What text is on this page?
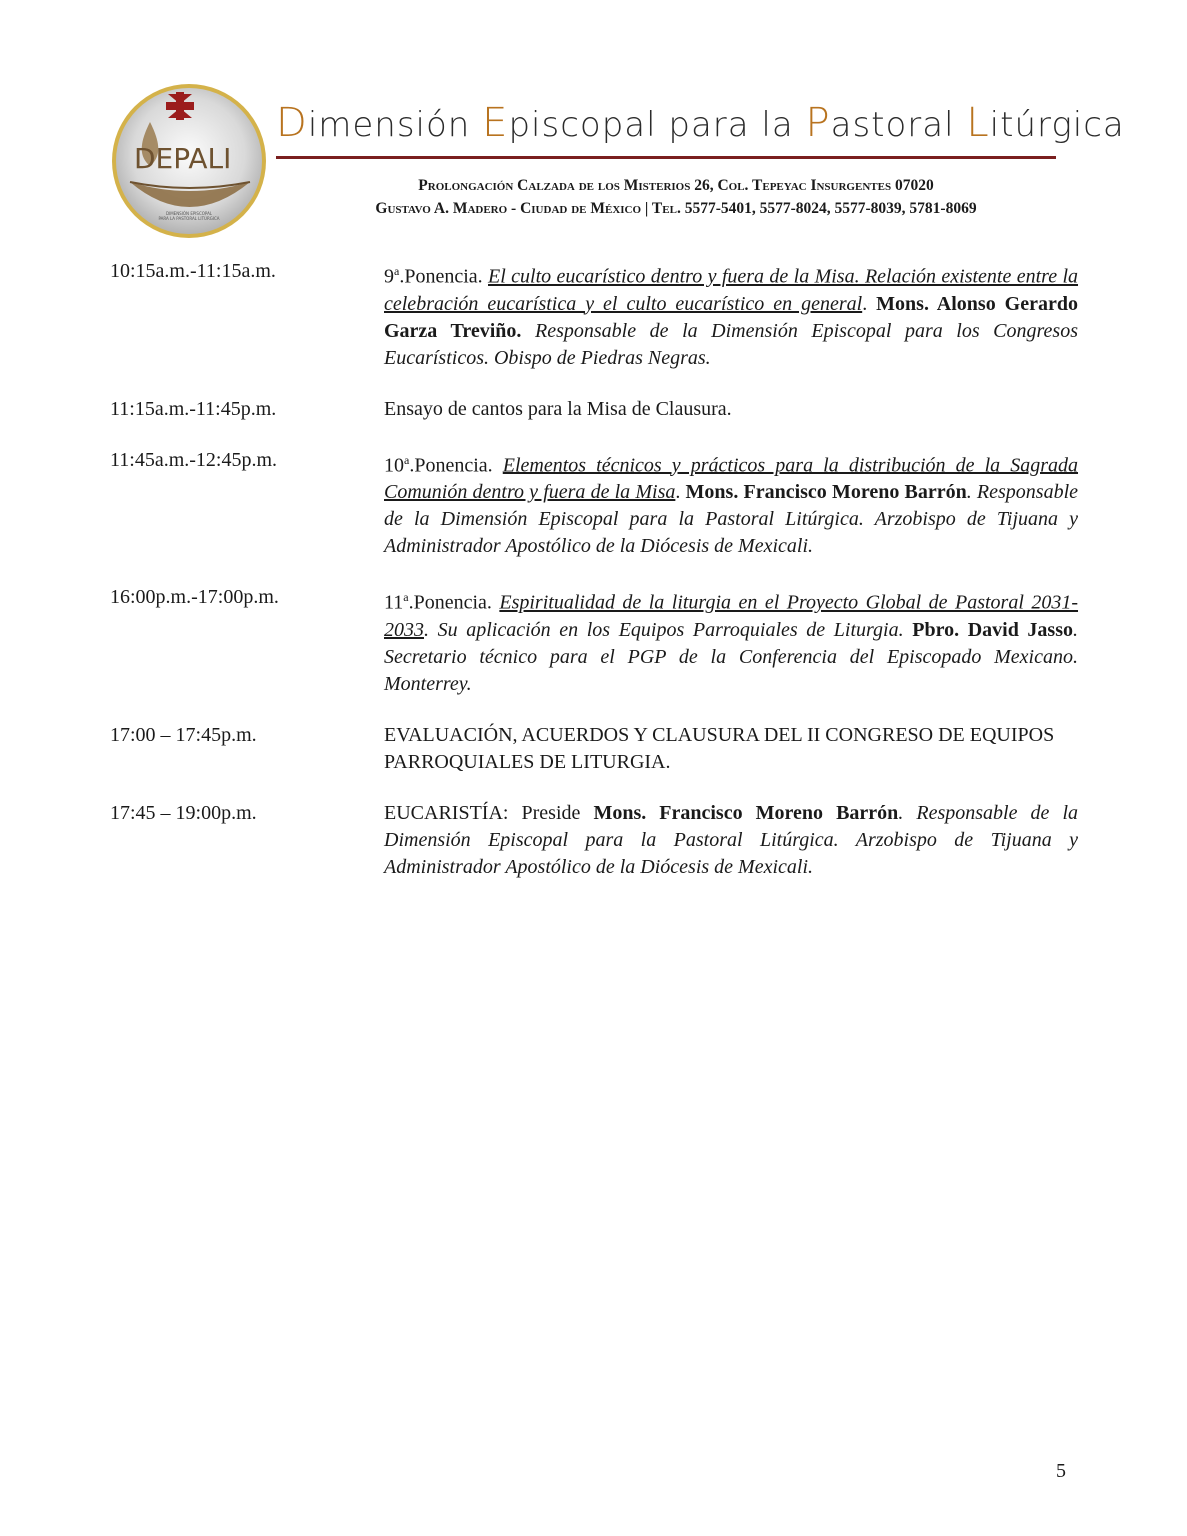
DEPALI
DIMENSIÓN EPISCOPAL
PARA LA PASTORAL LITÚRGICA
Dimensión Episcopal para la Pastoral Litúrgica
Prolongación Calzada de los Misterios 26, Col. Tepeyac Insurgentes 07020
Gustavo A. Madero - Ciudad de México | Tel. 5577-5401, 5577-8024, 5577-8039, 5781-8069
10:15a.m.-11:15a.m.	9$^a$.Ponencia. El culto eucarístico dentro y fuera de la Misa. Relación existente entre la celebración eucarística y el culto eucarístico en general. Mons. Alonso Gerardo Garza Treviño. Responsable de la Dimensión Episcopal para los Congresos Eucarísticos. Obispo de Piedras Negras.
11:15a.m.-11:45p.m.	Ensayo de cantos para la Misa de Clausura.
11:45a.m.-12:45p.m.	10$^a$.Ponencia. Elementos técnicos y prácticos para la distribución de la Sagrada Comunión dentro y fuera de la Misa. Mons. Francisco Moreno Barrón. Responsable de la Dimensión Episcopal para la Pastoral Litúrgica. Arzobispo de Tijuana y Administrador Apostólico de la Diócesis de Mexicali.
16:00p.m.-17:00p.m.	11$^a$.Ponencia. Espiritualidad de la liturgia en el Proyecto Global de Pastoral 2031-2033. Su aplicación en los Equipos Parroquiales de Liturgia. Pbro. David Jasso. Secretario técnico para el PGP de la Conferencia del Episcopado Mexicano. Monterrey.
17:00 – 17:45p.m.	EVALUACIÓN, ACUERDOS Y CLAUSURA DEL II CONGRESO DE EQUIPOS PARROQUIALES DE LITURGIA.
17:45 – 19:00p.m.	EUCARISTÍA: Preside Mons. Francisco Moreno Barrón. Responsable de la Dimensión Episcopal para la Pastoral Litúrgica. Arzobispo de Tijuana y Administrador Apostólico de la Diócesis de Mexicali.
5
